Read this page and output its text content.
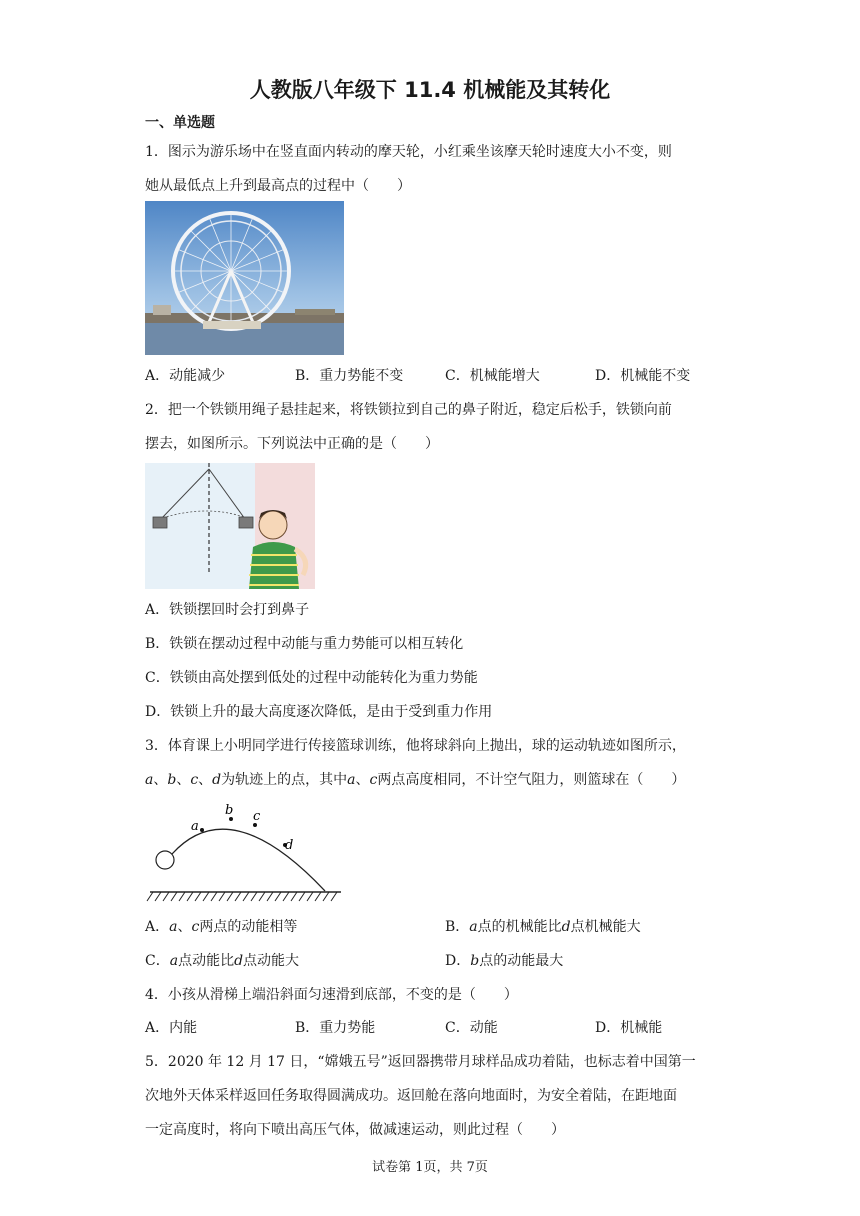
人教版八年级下 11.4 机械能及其转化
一、单选题
1．图示为游乐场中在竖直面内转动的摩天轮，小红乘坐该摩天轮时速度大小不变，则
她从最低点上升到最高点的过程中（　　）
A．动能减少	B．重力势能不变	C．机械能增大	D．机械能不变
2．把一个铁锁用绳子悬挂起来，将铁锁拉到自己的鼻子附近，稳定后松手，铁锁向前
摆去，如图所示。下列说法中正确的是（　　）
A．铁锁摆回时会打到鼻子
B．铁锁在摆动过程中动能与重力势能可以相互转化
C．铁锁由高处摆到低处的过程中动能转化为重力势能
D．铁锁上升的最大高度逐次降低，是由于受到重力作用
3．体育课上小明同学进行传接篮球训练，他将球斜向上抛出，球的运动轨迹如图所示，
a、b、c、d为轨迹上的点，其中a、c两点高度相同，不计空气阻力，则篮球在（　　）
a
b c
d
A．a、c两点的动能相等	B．a点的机械能比d点机械能大
C．a点动能比d点动能大	D．b点的动能最大
4．小孩从滑梯上端沿斜面匀速滑到底部，不变的是（　　）
A．内能	B．重力势能	C．动能	D．机械能
5．2020 年 12 月 17 日，“嫦娥五号”返回器携带月球样品成功着陆，也标志着中国第一
次地外天体采样返回任务取得圆满成功。返回舱在落向地面时，为安全着陆，在距地面
一定高度时，将向下喷出高压气体，做减速运动，则此过程（　　）
试卷第 1页，共 7页
